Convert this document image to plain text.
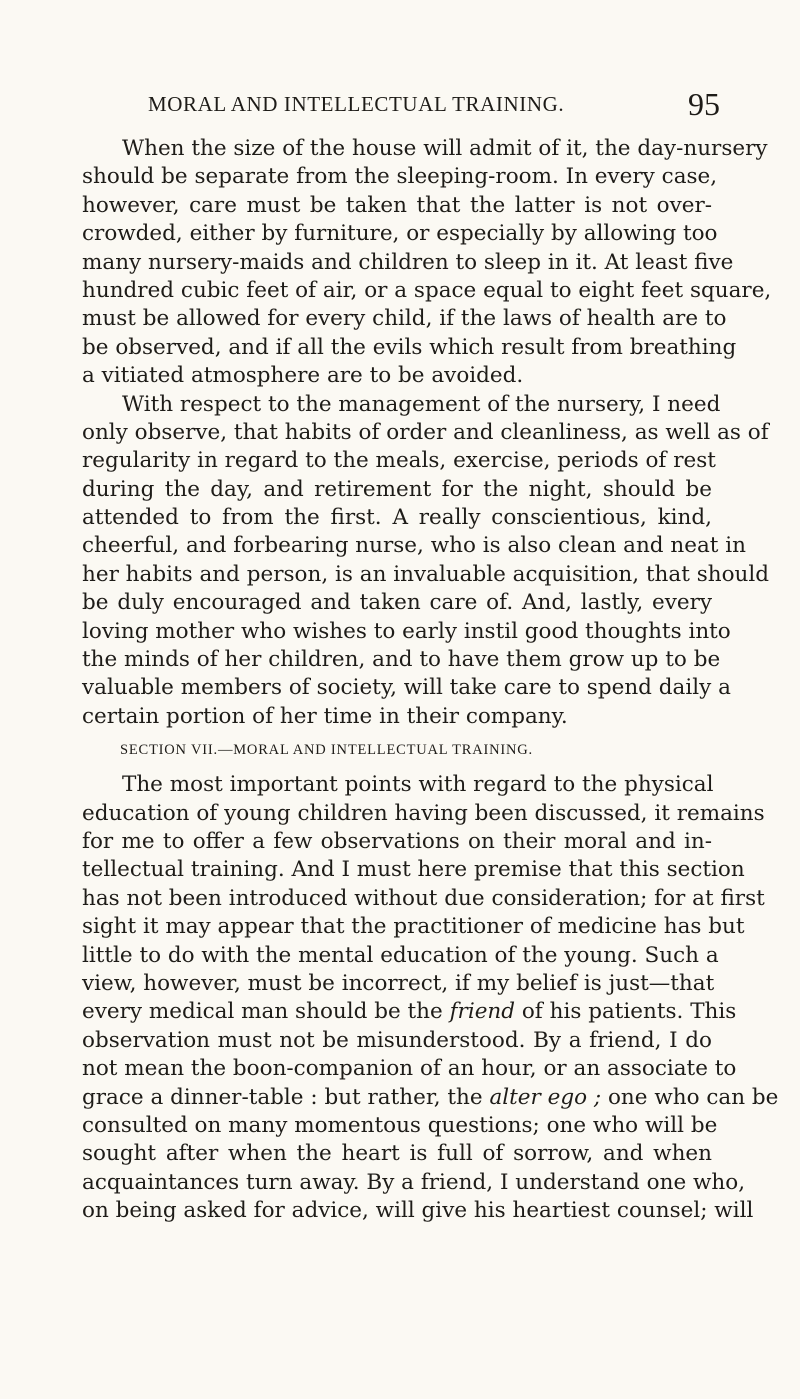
MORAL AND INTELLECTUAL TRAINING.	95
When the size of the house will admit of it, the day-nursery
should be separate from the sleeping-room. In every case,
however, care must be taken that the latter is not over-
crowded, either by furniture, or especially by allowing too
many nursery-maids and children to sleep in it. At least five
hundred cubic feet of air, or a space equal to eight feet square,
must be allowed for every child, if the laws of health are to
be observed, and if all the evils which result from breathing
a vitiated atmosphere are to be avoided.
With respect to the management of the nursery, I need
only observe, that habits of order and cleanliness, as well as of
regularity in regard to the meals, exercise, periods of rest
during the day, and retirement for the night, should be
attended to from the first. A really conscientious, kind,
cheerful, and forbearing nurse, who is also clean and neat in
her habits and person, is an invaluable acquisition, that should
be duly encouraged and taken care of. And, lastly, every
loving mother who wishes to early instil good thoughts into
the minds of her children, and to have them grow up to be
valuable members of society, will take care to spend daily a
certain portion of her time in their company.
SECTION VII.—MORAL AND INTELLECTUAL TRAINING.
The most important points with regard to the physical
education of young children having been discussed, it remains
for me to offer a few observations on their moral and in-
tellectual training. And I must here premise that this section
has not been introduced without due consideration; for at first
sight it may appear that the practitioner of medicine has but
little to do with the mental education of the young. Such a
view, however, must be incorrect, if my belief is just—that
every medical man should be the friend of his patients. This
observation must not be misunderstood. By a friend, I do
not mean the boon-companion of an hour, or an associate to
grace a dinner-table : but rather, the alter ego ; one who can be
consulted on many momentous questions; one who will be
sought after when the heart is full of sorrow, and when
acquaintances turn away. By a friend, I understand one who,
on being asked for advice, will give his heartiest counsel; will
